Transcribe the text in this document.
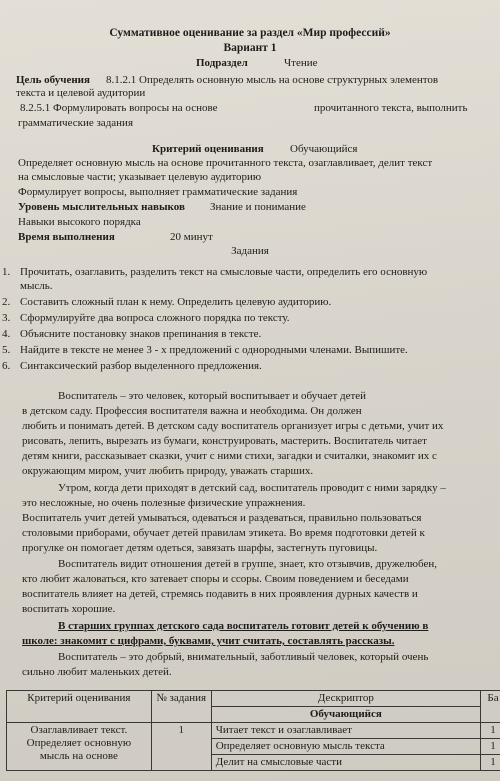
Суммативное оценивание за раздел «Мир профессий»
Вариант 1
Подраздел	Чтение
Цель обучения 8.1.2.1 Определять основную мысль на основе структурных элементов
текста и целевой аудитории
8.2.5.1 Формулировать вопросы на основе	прочитанного текста, выполнить
грамматические задания
Критерий оценивания Обучающийся
Определяет основную мысль на основе прочитанного текста, озаглавливает, делит текст
на смысловые части; указывает целевую аудиторию
Формулирует вопросы, выполняет грамматические задания
Уровень мыслительных навыков Знание и понимание
Навыки высокого порядка
Время выполнения	20 минут
Задания
1. Прочитать, озаглавить, разделить текст на смысловые части, определить его основную
мысль.
2. Составить сложный план к нему. Определить целевую аудиторию.
3. Сформулируйте два вопроса сложного порядка по тексту.
4. Объясните постановку знаков препинания в тексте.
5. Найдите в тексте не менее 3 - х предложений с однородными членами. Выпишите.
6. Синтаксический разбор выделенного предложения.
Воспитатель – это человек, который воспитывает и обучает детей
в детском саду. Профессия воспитателя важна и необходима. Он должен
любить и понимать детей. В детском саду воспитатель организует игры с детьми, учит их
рисовать, лепить, вырезать из бумаги, конструировать, мастерить. Воспитатель читает
детям книги, рассказывает сказки, учит с ними стихи, загадки и считалки, знакомит их с
окружающим миром, учит любить природу, уважать старших.
Утром, когда дети приходят в детский сад, воспитатель проводит с ними зарядку –
это несложные, но очень полезные физические упражнения.
Воспитатель учит детей умываться, одеваться и раздеваться, правильно пользоваться
столовыми приборами, обучает детей правилам этикета. Во время подготовки детей к
прогулке он помогает детям одеться, завязать шарфы, застегнуть пуговицы.
Воспитатель видит отношения детей в группе, знает, кто отзывчив, дружелюбен,
кто любит жаловаться, кто затевает споры и ссоры. Своим поведением и беседами
воспитатель влияет на детей, стремясь подавить в них проявления дурных качеств и
воспитать хорошие.
В старших группах детского сада воспитатель готовит детей к обучению в
школе: знакомит с цифрами, буквами, учит считать, составлять рассказы.
Воспитатель – это добрый, внимательный, заботливый человек, который очень
сильно любит маленьких детей.
Критерий оценивания	№ задания	Дескриптор	Ба
		Обучающийся	
Озаглавливает текст. Определяет основную мысль на основе	1	Читает текст и озаглавливает	1
		Определяет основную мысль текста	1
		Делит на смысловые части	1
